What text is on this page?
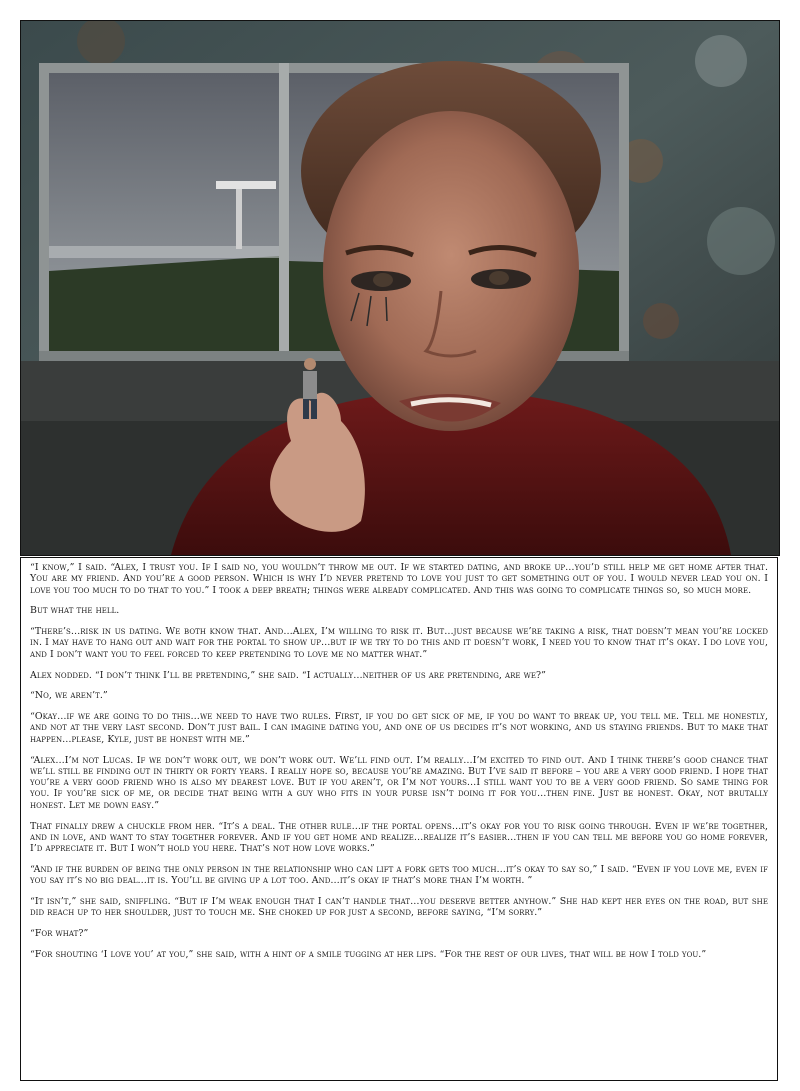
“I know,” I said. “Alex, I trust you. If I said no, you wouldn’t throw me out. If we started dating, and broke up…you’d still help me get home after that. You are my friend. And you’re a good person. Which is why I’d never pretend to love you just to get something out of you. I would never lead you on. I love you too much to do that to you.” I took a deep breath; things were already complicated. And this was going to complicate things so, so much more.

But what the hell.

“There’s…risk in us dating. We both know that. And…Alex, I’m willing to risk it. But…just because we’re taking a risk, that doesn’t mean you’re locked in. I may have to hang out and wait for the portal to show up…but if we try to do this and it doesn’t work, I need you to know that it’s okay. I do love you, and I don’t want you to feel forced to keep pretending to love me no matter what.”

Alex nodded. “I don’t think I’ll be pretending,” she said. “I actually…neither of us are pretending, are we?”

“No, we aren’t.”

“Okay…if we are going to do this…we need to have two rules. First, if you do get sick of me, if you do want to break up, you tell me. Tell me honestly, and not at the very last second. Don’t just bail. I can imagine dating you, and one of us decides it’s not working, and us staying friends. But to make that happen…please, Kyle, just be honest with me.”

“Alex…I’m not Lucas. If we don’t work out, we don’t work out. We’ll find out. I’m really…I’m excited to find out. And I think there’s good chance that we’ll still be finding out in thirty or forty years. I really hope so, because you’re amazing. But I’ve said it before – you are a very good friend. I hope that you’re a very good friend who is also my dearest love. But if you aren’t, or I’m not yours…I still want you to be a very good friend. So same thing for you. If you’re sick of me, or decide that being with a guy who fits in your purse isn’t doing it for you…then fine. Just be honest. Okay, not brutally honest. Let me down easy.”

That finally drew a chuckle from her. “It’s a deal. The other rule…if the portal opens…it’s okay for you to risk going through. Even if we’re together, and in love, and want to stay together forever. And if you get home and realize…realize it’s easier…then if you can tell me before you go home forever, I’d appreciate it. But I won’t hold you here. That’s not how love works.”

“And if the burden of being the only person in the relationship who can lift a fork gets too much…it’s okay to say so,” I said. “Even if you love me, even if you say it’s no big deal…it is. You’ll be giving up a lot too. And…it’s okay if that’s more than I’m worth. ”

“It isn’t,” she said, sniffling. “But if I’m weak enough that I can’t handle that…you deserve better anyhow.” She had kept her eyes on the road, but she did reach up to her shoulder, just to touch me. She choked up for just a second, before saying, “I’m sorry.”

“For what?”

“For shouting ‘I love you’ at you,” she said, with a hint of a smile tugging at her lips. “For the rest of our lives, that will be how I told you.”
